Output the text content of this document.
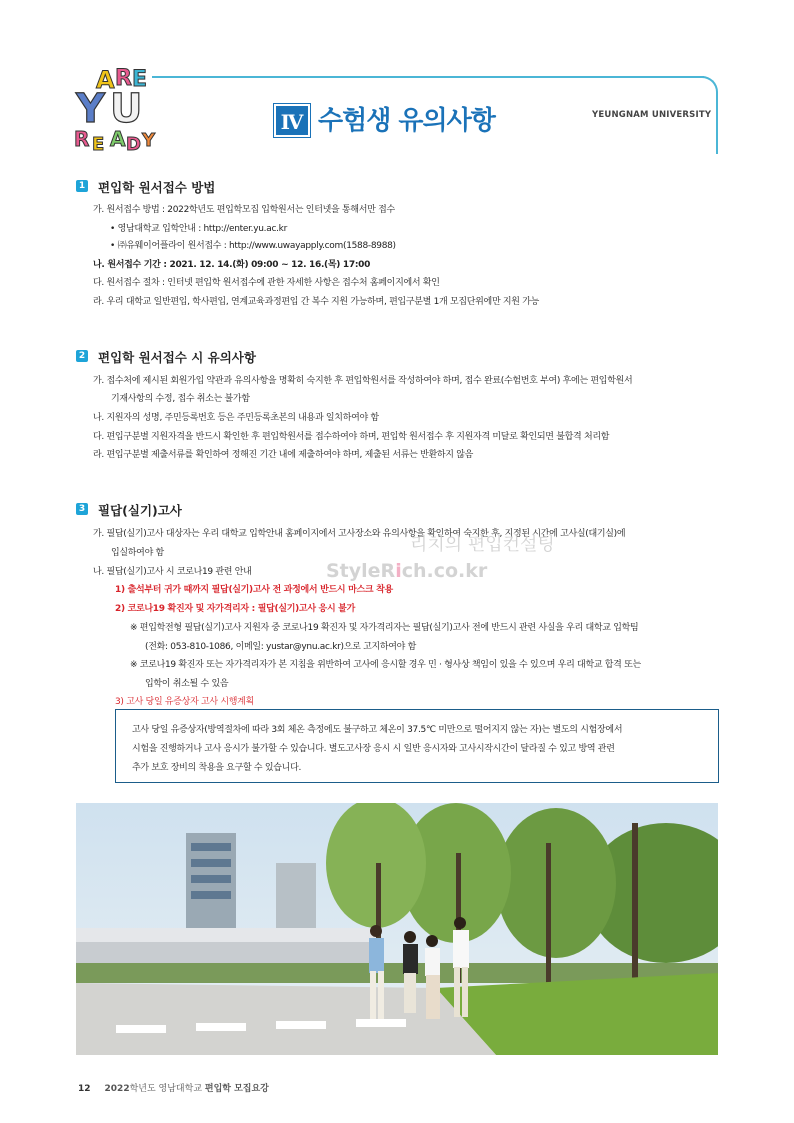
A R E
Y U
R E A D Y
Ⅳ 수험생 유의사항	YEUNGNAM UNIVERSITY
1 편입학 원서접수 방법
가. 원서접수 방법 : 2022학년도 편입학모집 입학원서는 인터넷을 통해서만 접수
• 영남대학교 입학안내 : http://enter.yu.ac.kr
• ㈜유웨이어플라이 원서접수 : http://www.uwayapply.com(1588-8988)
나. 원서접수 기간 : 2021. 12. 14.(화) 09:00 ~ 12. 16.(목) 17:00
다. 원서접수 절차 : 인터넷 편입학 원서접수에 관한 자세한 사항은 접수처 홈페이지에서 확인
라. 우리 대학교 일반편입, 학사편입, 연계교육과정편입 간 복수 지원 가능하며, 편입구분별 1개 모집단위에만 지원 가능
2 편입학 원서접수 시 유의사항
가. 접수처에 제시된 회원가입 약관과 유의사항을 명확히 숙지한 후 편입학원서를 작성하여야 하며, 접수 완료(수험번호 부여) 후에는 편입학원서
기재사항의 수정, 접수 취소는 불가함
나. 지원자의 성명, 주민등록번호 등은 주민등록초본의 내용과 일치하여야 함
다. 편입구분별 지원자격을 반드시 확인한 후 편입학원서를 접수하여야 하며, 편입학 원서접수 후 지원자격 미달로 확인되면 불합격 처리함
라. 편입구분별 제출서류를 확인하여 정해진 기간 내에 제출하여야 하며, 제출된 서류는 반환하지 않음
3 필답(실기)고사
가. 필답(실기)고사 대상자는 우리 대학교 입학안내 홈페이지에서 고사장소와 유의사항을 확인하여 숙지한 후, 지정된 시간에 고사실(대기실)에
입실하여야 함
나. 필답(실기)고사 시 코로나19 관련 안내
1) 출석부터 귀가 때까지 필답(실기)고사 전 과정에서 반드시 마스크 착용
2) 코로나19 확진자 및 자가격리자 : 필답(실기)고사 응시 불가
※ 편입학전형 필답(실기)고사 지원자 중 코로나19 확진자 및 자가격리자는 필답(실기)고사 전에 반드시 관련 사실을 우리 대학교 입학팀
(전화: 053-810-1086, 이메일: yustar@ynu.ac.kr)으로 고지하여야 함
※ 코로나19 확진자 또는 자가격리자가 본 지침을 위반하여 고사에 응시할 경우 민 · 형사상 책임이 있을 수 있으며 우리 대학교 합격 또는
입학이 취소될 수 있음
3) 고사 당일 유증상자 고사 시행계획
고사 당일 유증상자(방역절차에 따라 3회 체온 측정에도 불구하고 체온이 37.5℃ 미만으로 떨어지지 않는 자)는 별도의 시험장에서
시험을 진행하거나 고사 응시가 불가할 수 있습니다. 별도고사장 응시 시 일반 응시자와 고사시작시간이 달라질 수 있고 방역 관련
추가 보호 장비의 착용을 요구할 수 있습니다.
리치의 편입컨설팅
StyleRich.co.kr
12 2022학년도 영남대학교 편입학 모집요강
